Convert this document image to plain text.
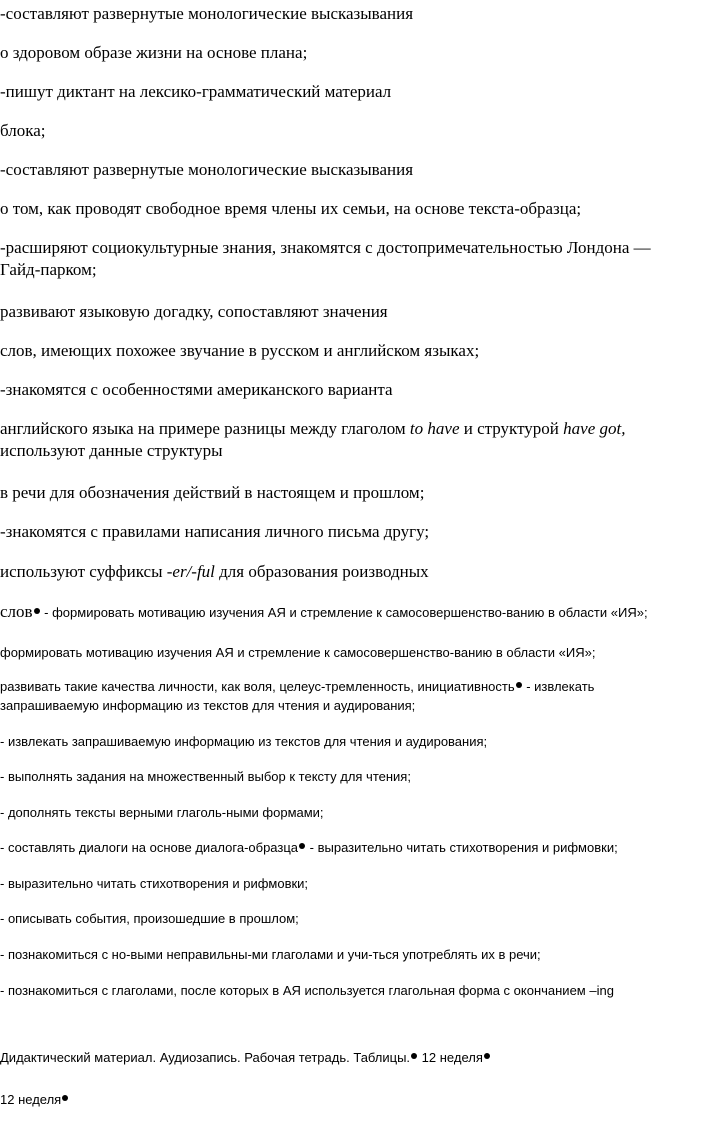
-составляют развернутые монологические высказывания
о здоровом образе жизни на основе плана;
-пишут диктант на лексико-грамматический материал
блока;
-составляют развернутые монологические высказывания
о том, как проводят свободное время члены их семьи, на основе текста-образца;
-расширяют социокультурные знания, знакомятся с достопримечательностью Лондона —
Гайд-парком;
развивают языковую догадку, сопоставляют значения
слов, имеющих похожее звучание в русском и английском языках;
-знакомятся с особенностями американского варианта
английского языка на примере разницы между глаголом to have и структурой have got,
используют данные структуры
в речи для обозначения действий в настоящем и прошлом;
-знакомятся с правилами написания личного письма другу;
используют суффиксы -er/-ful для образования роизводных
слов - формировать мотивацию изучения АЯ и стремление к самосовершенство-ванию в области «ИЯ»;
формировать мотивацию изучения АЯ и стремление к самосовершенство-ванию в области «ИЯ»;
развивать такие качества личности, как воля, целеус-тремленность, инициативность - извлекать
запрашиваемую информацию из текстов для чтения и аудирования;
- извлекать запрашиваемую информацию из текстов для чтения и аудирования;
- выполнять задания на множественный выбор к тексту для чтения;
- дополнять тексты верными глаголь-ными формами;
- составлять диалоги на основе диалога-образца - выразительно читать стихотворения и рифмовки;
- выразительно читать стихотворения и рифмовки;
- описывать события, произошедшие в прошлом;
- познакомиться с но-выми неправильны-ми глаголами и учи-ться употреблять их в речи;
- познакомиться с глаголами, после которых в АЯ используется глагольная форма с окончанием –ing
Дидактический материал. Аудиозапись. Рабочая тетрадь. Таблицы. 12 неделя
12 неделя
